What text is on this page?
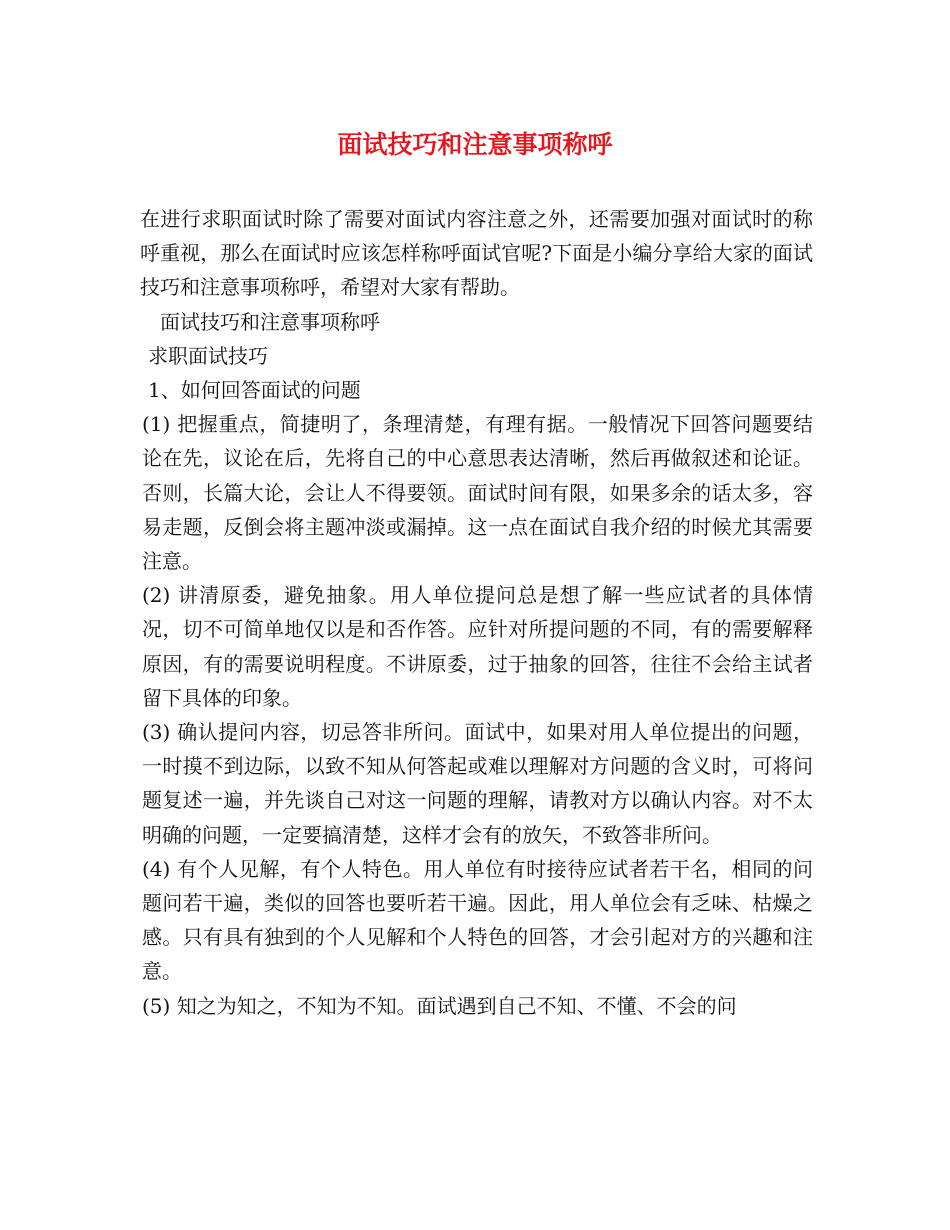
面试技巧和注意事项称呼

在进行求职面试时除了需要对面试内容注意之外，还需要加强对面试时的称呼重视，那么在面试时应该怎样称呼面试官呢?下面是小编分享给大家的面试技巧和注意事项称呼，希望对大家有帮助。

面试技巧和注意事项称呼

求职面试技巧

1、如何回答面试的问题

(1) 把握重点，简捷明了，条理清楚，有理有据。一般情况下回答问题要结论在先，议论在后，先将自己的中心意思表达清晰，然后再做叙述和论证。否则，长篇大论，会让人不得要领。面试时间有限，如果多余的话太多，容易走题，反倒会将主题冲淡或漏掉。这一点在面试自我介绍的时候尤其需要注意。

(2) 讲清原委，避免抽象。用人单位提问总是想了解一些应试者的具体情况，切不可简单地仅以是和否作答。应针对所提问题的不同，有的需要解释原因，有的需要说明程度。不讲原委，过于抽象的回答，往往不会给主试者留下具体的印象。

(3) 确认提问内容，切忌答非所问。面试中，如果对用人单位提出的问题，一时摸不到边际，以致不知从何答起或难以理解对方问题的含义时，可将问题复述一遍，并先谈自己对这一问题的理解，请教对方以确认内容。对不太明确的问题，一定要搞清楚，这样才会有的放矢，不致答非所问。

(4) 有个人见解，有个人特色。用人单位有时接待应试者若干名，相同的问题问若干遍，类似的回答也要听若干遍。因此，用人单位会有乏味、枯燥之感。只有具有独到的个人见解和个人特色的回答，才会引起对方的兴趣和注意。

(5) 知之为知之，不知为不知。面试遇到自己不知、不懂、不会的问
